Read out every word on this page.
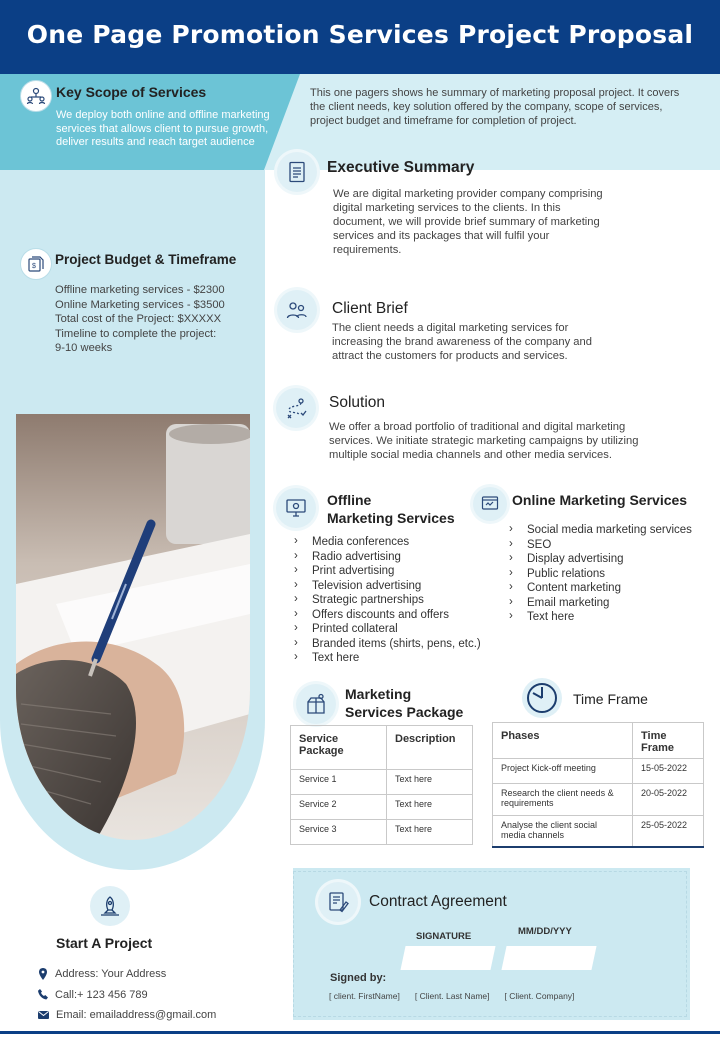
One Page Promotion Services Project Proposal
This one pagers shows he summary of marketing proposal project. It covers the client needs, key solution offered by the company, scope of services, project budget and timeframe for completion of project.
Key Scope of Services
We deploy both online and offline marketing services that allows client to pursue growth, deliver results and reach target audience
$ Project Budget & Timeframe
Offline marketing services - $2300
Online Marketing services - $3500
Total cost of the Project: $XXXXX
Timeline to complete the project:
9-10 weeks
Executive Summary
We are digital marketing provider company comprising digital marketing services to the clients. In this document, we will provide brief summary of marketing services and its packages that will fulfil your requirements.
Client Brief
The client needs a digital marketing services for increasing the brand awareness of the company and attract the customers for products and services.
Solution
We offer a broad portfolio of traditional and digital marketing services. We initiate strategic marketing campaigns by utilizing multiple social media channels and other media services.
Offline
Marketing Services
› Media conferences
› Radio advertising
› Print advertising
› Television advertising
› Strategic partnerships
› Offers discounts and offers
› Printed collateral
› Branded items (shirts, pens, etc.)
› Text here
Online Marketing Services
› Social media marketing services
› SEO
› Display advertising
› Public relations
› Content marketing
› Email marketing
› Text here
Marketing
Services Package
Service Package	Description
Service 1	Text here
Service 2	Text here
Service 3	Text here
Time Frame
Phases	Time Frame
Project Kick-off meeting	15-05-2022
Research the client needs & requirements	20-05-2022
Analyse the client social media channels	25-05-2022
Start A Project
Address: Your Address
Call:+ 123 456 789
Email: emailaddress@gmail.com
Contract Agreement
SIGNATURE	MM/DD/YYY
Signed by:
[ client. FirstName] [ Client. Last Name] [ Client. Company]
